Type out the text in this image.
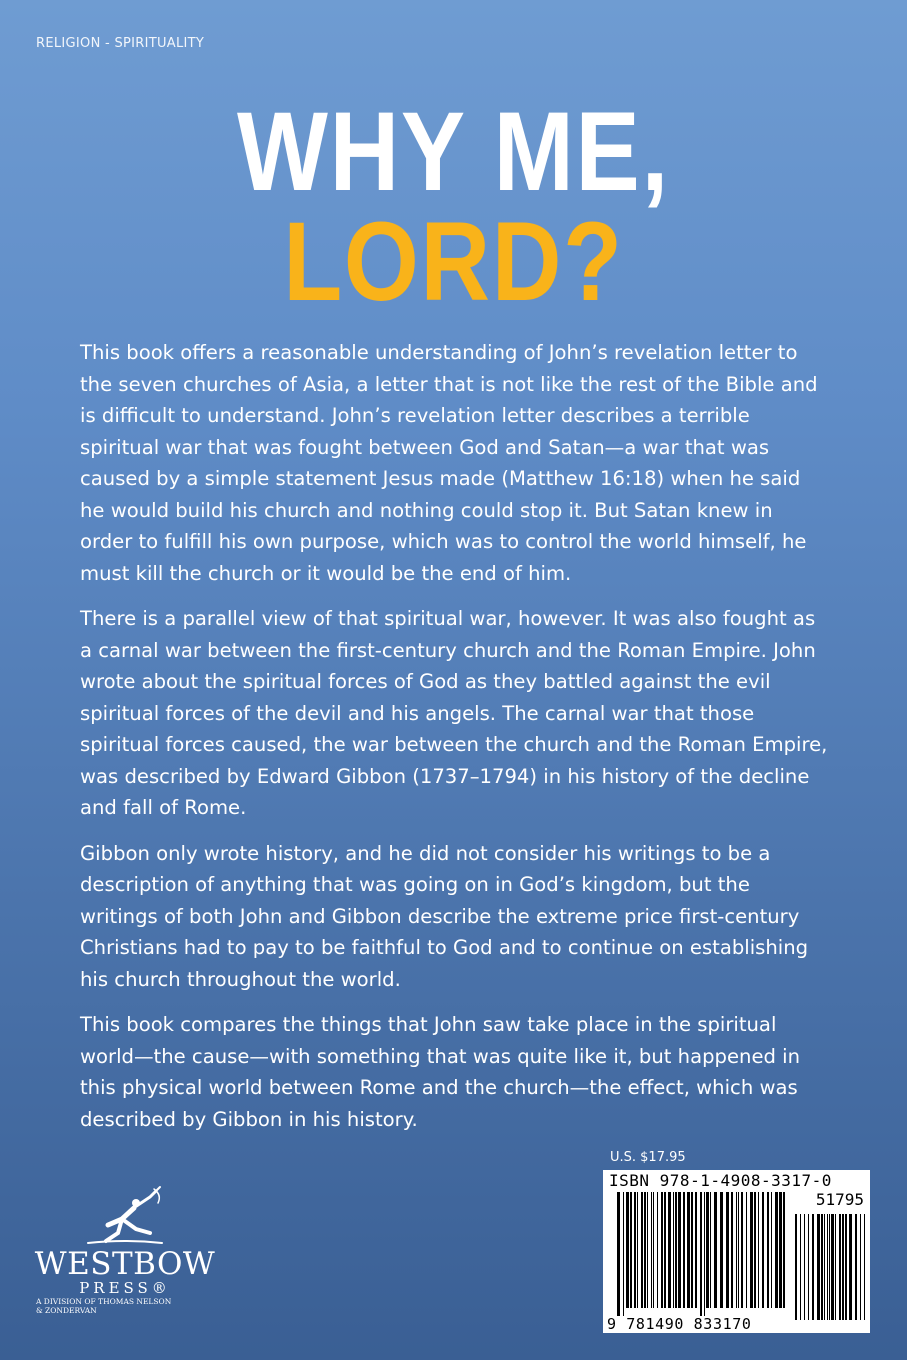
RELIGION - SPIRITUALITY
WHY ME,
LORD?

This book offers a reasonable understanding of John’s revelation letter to the seven churches of Asia, a letter that is not like the rest of the Bible and is difficult to understand. John’s revelation letter describes a terrible spiritual war that was fought between God and Satan—a war that was caused by a simple statement Jesus made (Matthew 16:18) when he said he would build his church and nothing could stop it. But Satan knew in order to fulfill his own purpose, which was to control the world himself, he must kill the church or it would be the end of him.

There is a parallel view of that spiritual war, however. It was also fought as a carnal war between the first-century church and the Roman Empire. John wrote about the spiritual forces of God as they battled against the evil spiritual forces of the devil and his angels. The carnal war that those spiritual forces caused, the war between the church and the Roman Empire, was described by Edward Gibbon (1737–1794) in his history of the decline and fall of Rome.

Gibbon only wrote history, and he did not consider his writings to be a description of anything that was going on in God’s kingdom, but the writings of both John and Gibbon describe the extreme price first-century Christians had to pay to be faithful to God and to continue on establishing his church throughout the world.

This book compares the things that John saw take place in the spiritual world—the cause—with something that was quite like it, but happened in this physical world between Rome and the church—the effect, which was described by Gibbon in his history.

WESTBOW
PRESS®
A DIVISION OF THOMAS NELSON
& ZONDERVAN
U.S. $17.95
ISBN 978-1-4908-3317-0
51795
9 781490 833170
